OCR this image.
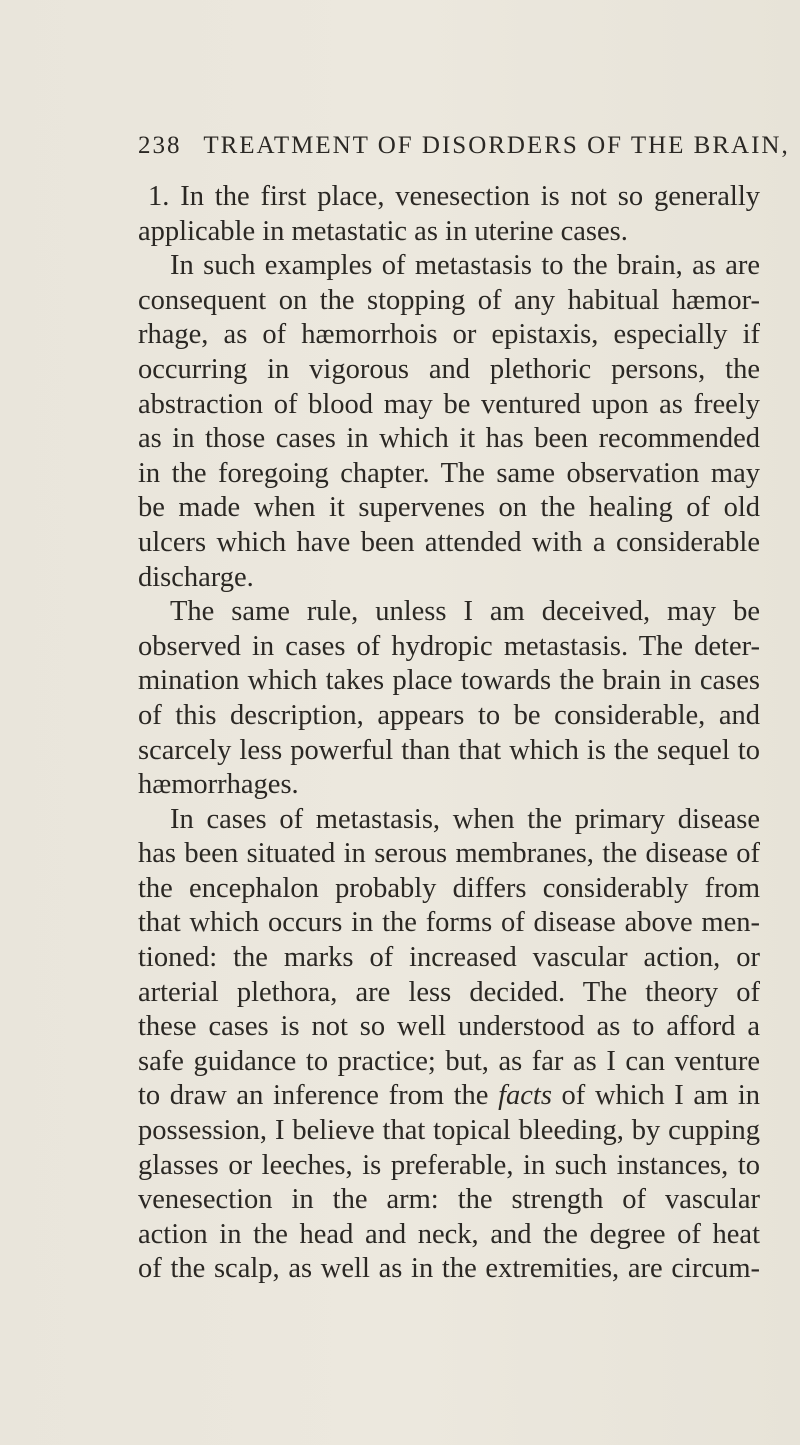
238 TREATMENT OF DISORDERS OF THE BRAIN,
1. In the first place, venesection is not so generally
applicable in metastatic as in uterine cases.
In such examples of metastasis to the brain, as are
consequent on the stopping of any habitual hæmor-
rhage, as of hæmorrhois or epistaxis, especially if
occurring in vigorous and plethoric persons, the
abstraction of blood may be ventured upon as freely
as in those cases in which it has been recommended
in the foregoing chapter. The same observation may
be made when it supervenes on the healing of old
ulcers which have been attended with a considerable
discharge.
The same rule, unless I am deceived, may be
observed in cases of hydropic metastasis. The deter-
mination which takes place towards the brain in cases
of this description, appears to be considerable, and
scarcely less powerful than that which is the sequel to
hæmorrhages.
In cases of metastasis, when the primary disease
has been situated in serous membranes, the disease of
the encephalon probably differs considerably from
that which occurs in the forms of disease above men-
tioned: the marks of increased vascular action, or
arterial plethora, are less decided. The theory of
these cases is not so well understood as to afford a
safe guidance to practice; but, as far as I can venture
to draw an inference from the facts of which I am in
possession, I believe that topical bleeding, by cupping
glasses or leeches, is preferable, in such instances, to
venesection in the arm: the strength of vascular
action in the head and neck, and the degree of heat
of the scalp, as well as in the extremities, are circum-
